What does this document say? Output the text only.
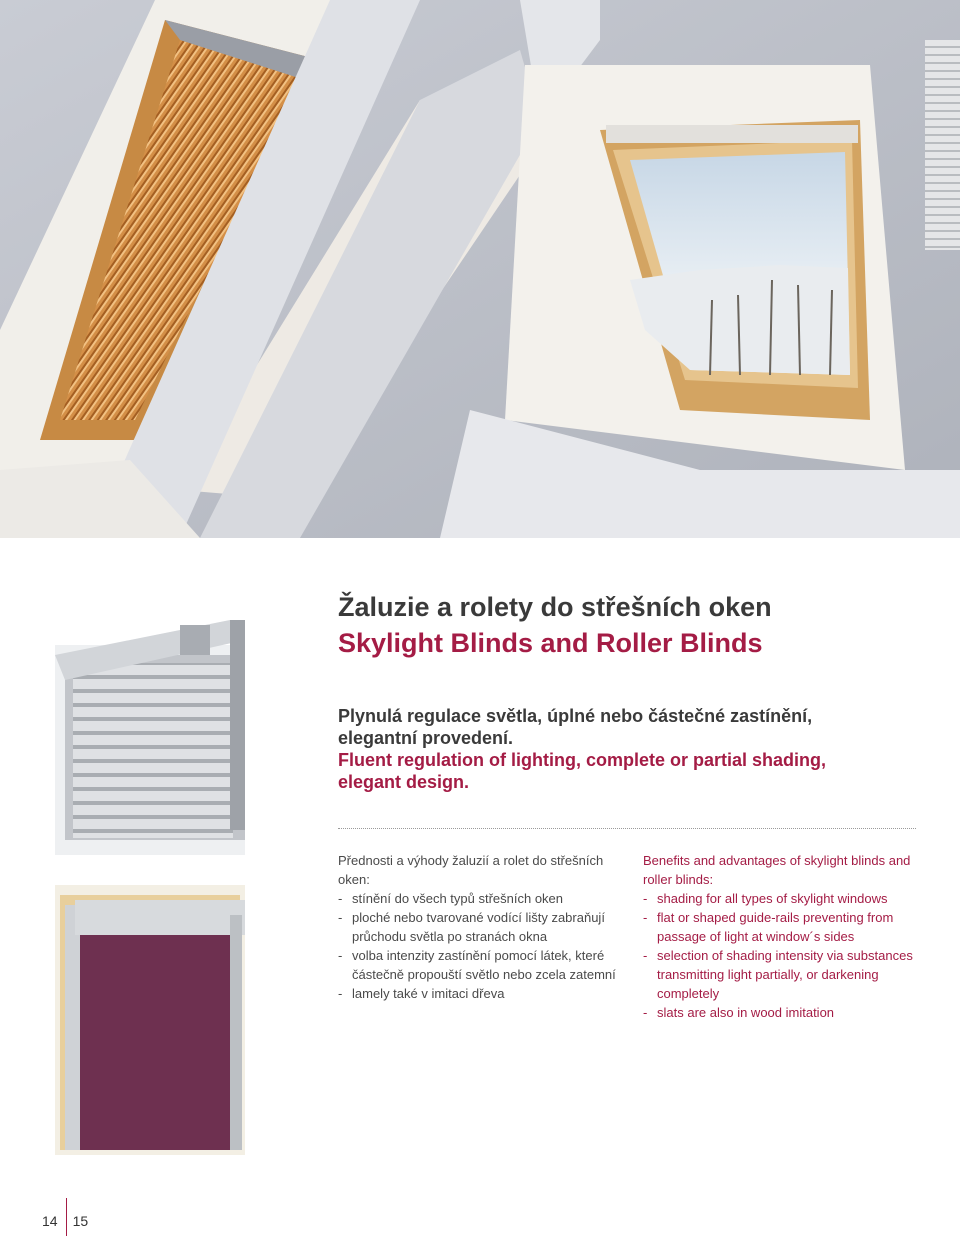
Žaluzie a rolety do střešních oken
Skylight Blinds and Roller Blinds

Plynulá regulace světla, úplné nebo částečné zastínění, elegantní provedení.

Fluent regulation of lighting, complete or partial shading, elegant design.

Přednosti a výhody žaluzií a rolet do střešních oken:

- stínění do všech typů střešních oken
- ploché nebo tvarované vodící lišty zabraňují průchodu světla po stranách okna
- volba intenzity zastínění pomocí látek, které částečně propouští světlo nebo zcela zatemní
- lamely také v imitaci dřeva

Benefits and advantages of skylight blinds and roller blinds:

- shading for all types of skylight windows
- flat or shaped guide-rails preventing from passage of light at window´s sides
- selection of shading intensity via substances transmitting light partially, or darkening completely
- slats are also in wood imitation
14 15
